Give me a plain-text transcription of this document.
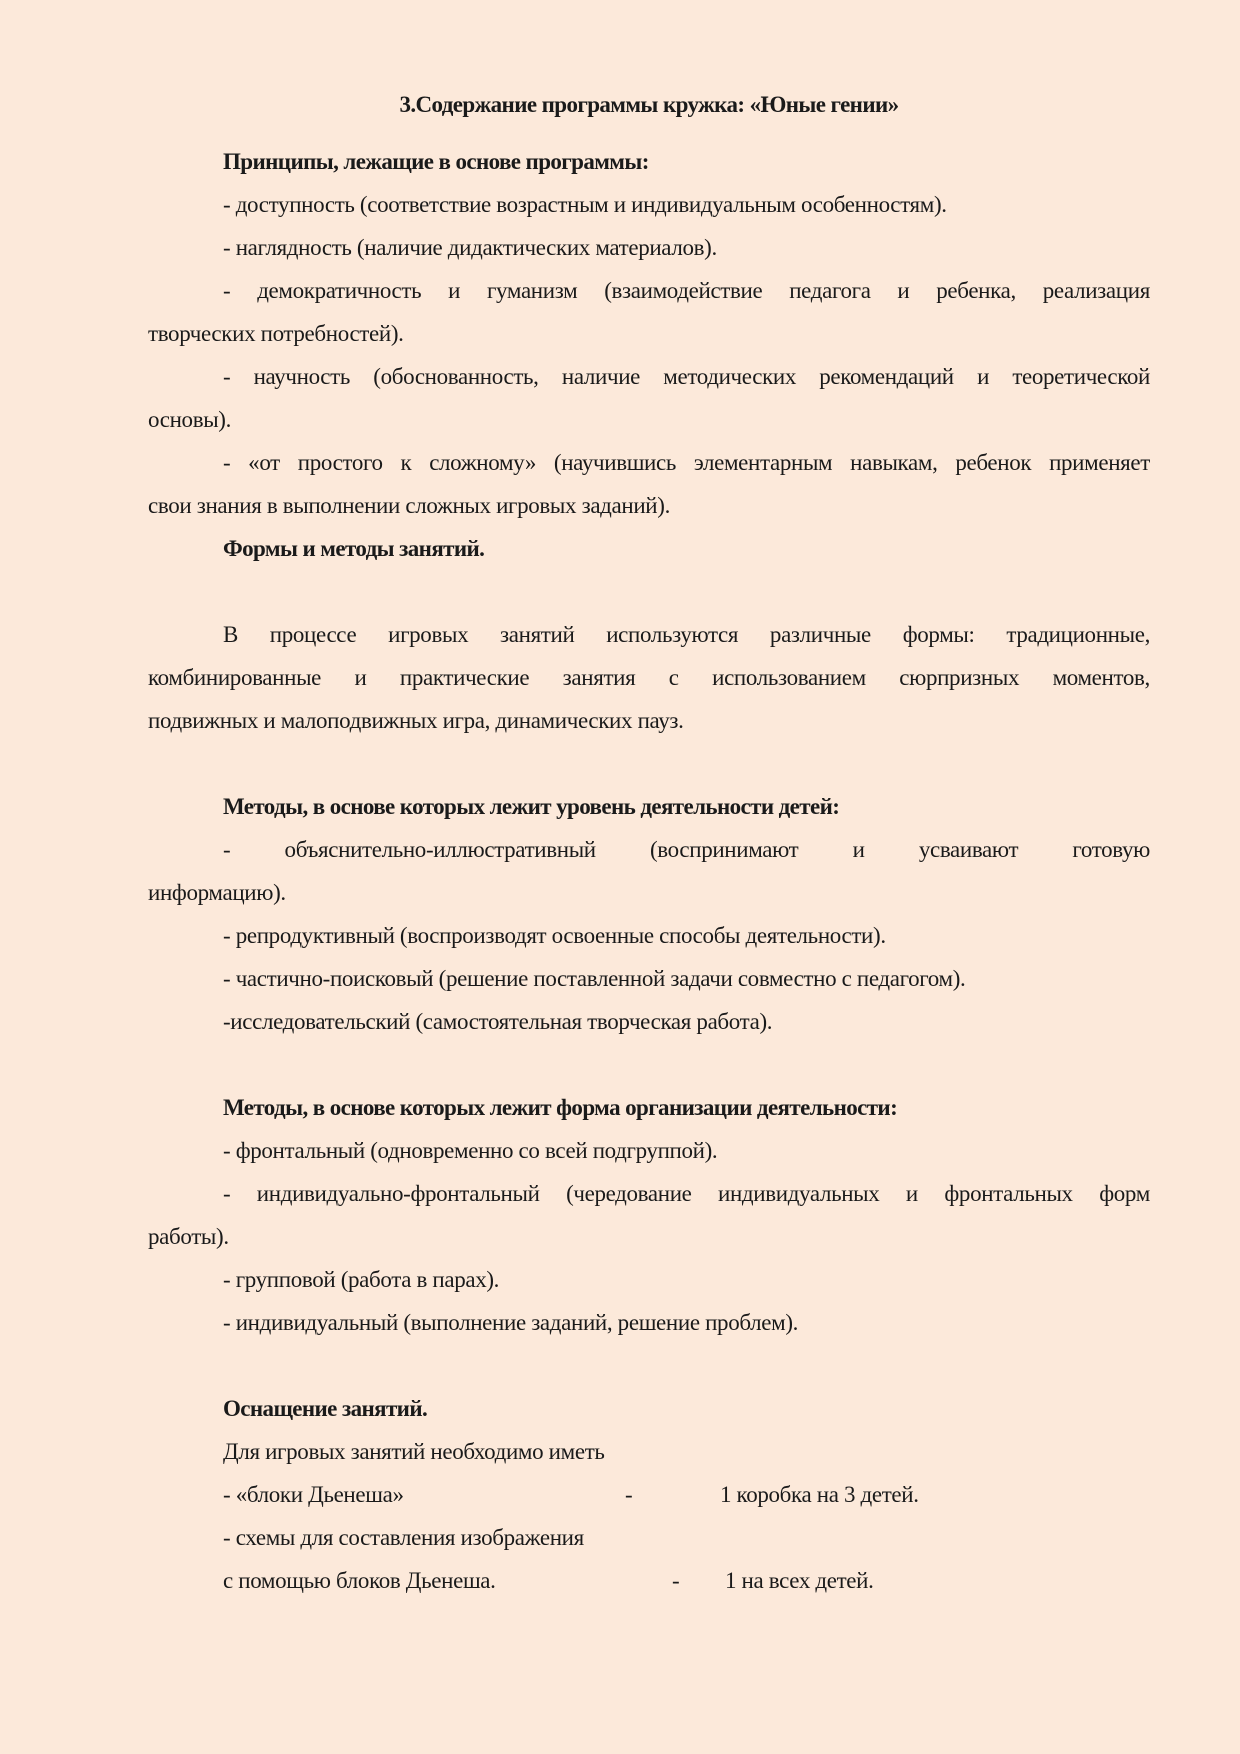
3.Содержание программы кружка: «Юные гении»
Принципы, лежащие в основе программы:
- доступность (соответствие возрастным и индивидуальным особенностям).
- наглядность (наличие дидактических материалов).
- демократичность и гуманизм (взаимодействие педагога и ребенка, реализация
творческих потребностей).
- научность (обоснованность, наличие методических рекомендаций и теоретической
основы).
- «от простого к сложному» (научившись элементарным навыкам, ребенок применяет
свои знания в выполнении сложных игровых заданий).
Формы и методы занятий.
В процессе игровых занятий используются различные формы: традиционные,
комбинированные и практические занятия с использованием сюрпризных моментов,
подвижных и малоподвижных игра, динамических пауз.
Методы, в основе которых лежит уровень деятельности детей:
- объяснительно-иллюстративный (воспринимают и усваивают готовую
информацию).
- репродуктивный (воспроизводят освоенные способы деятельности).
- частично-поисковый (решение поставленной задачи совместно с педагогом).
-исследовательский (самостоятельная творческая работа).
Методы, в основе которых лежит форма организации деятельности:
- фронтальный (одновременно со всей подгруппой).
- индивидуально-фронтальный (чередование индивидуальных и фронтальных форм
работы).
- групповой (работа в парах).
- индивидуальный (выполнение заданий, решение проблем).
Оснащение занятий.
Для игровых занятий необходимо иметь
- «блоки Дьенеша»	-	1 коробка на 3 детей.
- схемы для составления изображения
с помощью блоков Дьенеша.	- 1 на всех детей.
